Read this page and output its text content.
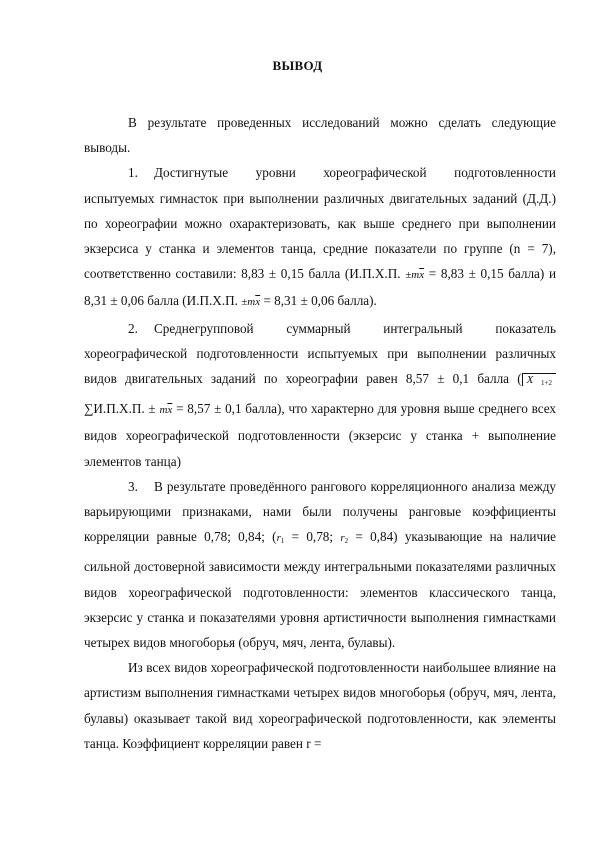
ВЫВОД

В результате проведенных исследований можно сделать следующие выводы.

1. Достигнутые уровни хореографической подготовленности испытуемых гимнасток при выполнении различных двигательных заданий (Д.Д.) по хореографии можно охарактеризовать, как выше среднего при выполнении экзерсиса у станка и элементов танца, средние показатели по группе (n = 7), соответственно составили: 8,83 ± 0,15 балла (И.П.Х.П. $\pm m\overline{x} = 8,83 \pm 0,15$ балла) и 8,31 ± 0,06 балла (И.П.Х.П. $\pm m\overline{x} = 8,31 \pm 0,06$ балла).

2. Среднегрупповой суммарный интегральный показатель хореографической подготовленности испытуемых при выполнении различных видов двигательных заданий по хореографии равен 8,57 ± 0,1 балла ( X $_{1+2}$ ∑И.П.Х.П. ± $m\overline{x} = 8,57 \pm 0,1$ балла), что характерно для уровня выше среднего всех видов хореографической подготовленности (экзерсис у станка + выполнение элементов танца)

3. В результате проведённого рангового корреляционного анализа между варьирующими признаками, нами были получены ранговые коэффициенты корреляции равные 0,78; 0,84; ($r_1 = 0,78$; $r_2 = 0,84$) указывающие на наличие сильной достоверной зависимости между интегральными показателями различных видов хореографической подготовленности: элементов классического танца, экзерсис у станка и показателями уровня артистичности выполнения гимнастками четырех видов многоборья (обруч, мяч, лента, булавы).

Из всех видов хореографической подготовленности наибольшее влияние на артистизм выполнения гимнастками четырех видов многоборья (обруч, мяч, лента, булавы) оказывает такой вид хореографической подготовленности, как элементы танца. Коэффициент корреляции равен r =
